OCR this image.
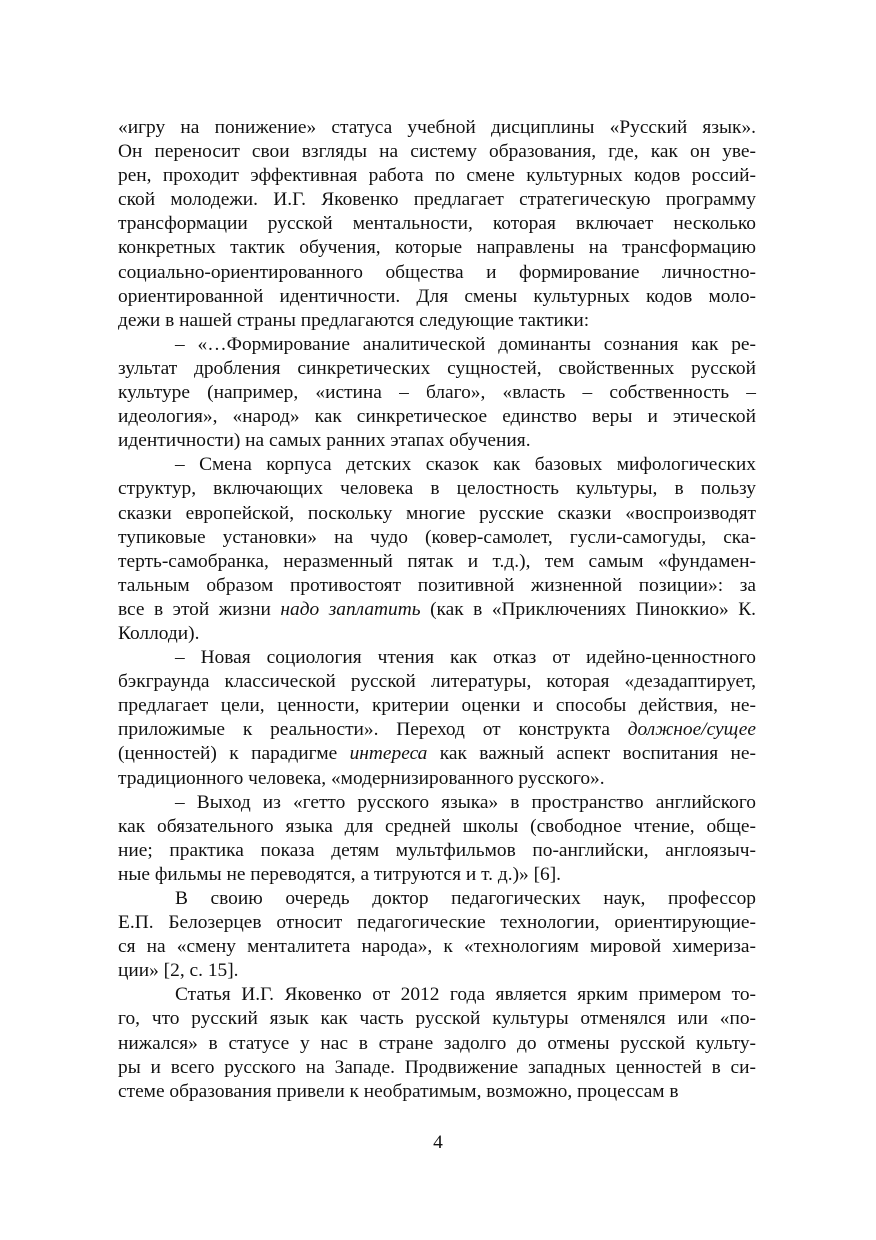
«игру на понижение» статуса учебной дисциплины «Русский язык».
Он переносит свои взгляды на систему образования, где, как он уве-
рен, проходит эффективная работа по смене культурных кодов россий-
ской молодежи. И.Г. Яковенко предлагает стратегическую программу
трансформации русской ментальности, которая включает несколько
конкретных тактик обучения, которые направлены на трансформацию
социально-ориентированного общества и формирование личностно-
ориентированной идентичности. Для смены культурных кодов моло-
дежи в нашей страны предлагаются следующие тактики:
– «…Формирование аналитической доминанты сознания как ре-
зультат дробления синкретических сущностей, свойственных русской
культуре (например, «истина – благо», «власть – собственность –
идеология», «народ» как синкретическое единство веры и этической
идентичности) на самых ранних этапах обучения.
– Смена корпуса детских сказок как базовых мифологических
структур, включающих человека в целостность культуры, в пользу
сказки европейской, поскольку многие русские сказки «воспроизводят
тупиковые установки» на чудо (ковер-самолет, гусли-самогуды, ска-
терть-самобранка, неразменный пятак и т.д.), тем самым «фундамен-
тальным образом противостоят позитивной жизненной позиции»: за
все в этой жизни надо заплатить (как в «Приключениях Пиноккио» К.
Коллоди).
– Новая социология чтения как отказ от идейно-ценностного
бэкграунда классической русской литературы, которая «дезадаптирует,
предлагает цели, ценности, критерии оценки и способы действия, не-
приложимые к реальности». Переход от конструкта должное/сущее
(ценностей) к парадигме интереса как важный аспект воспитания не-
традиционного человека, «модернизированного русского».
– Выход из «гетто русского языка» в пространство английского
как обязательного языка для средней школы (свободное чтение, обще-
ние; практика показа детям мультфильмов по-английски, англоязыч-
ные фильмы не переводятся, а титруются и т. д.)» [6].
В своию очередь доктор педагогических наук, профессор
Е.П. Белозерцев относит педагогические технологии, ориентирующие-
ся на «смену менталитета народа», к «технологиям мировой химериза-
ции» [2, с. 15].
Статья И.Г. Яковенко от 2012 года является ярким примером то-
го, что русский язык как часть русской культуры отменялся или «по-
нижался» в статусе у нас в стране задолго до отмены русской культу-
ры и всего русского на Западе. Продвижение западных ценностей в си-
стеме образования привели к необратимым, возможно, процессам в
4
